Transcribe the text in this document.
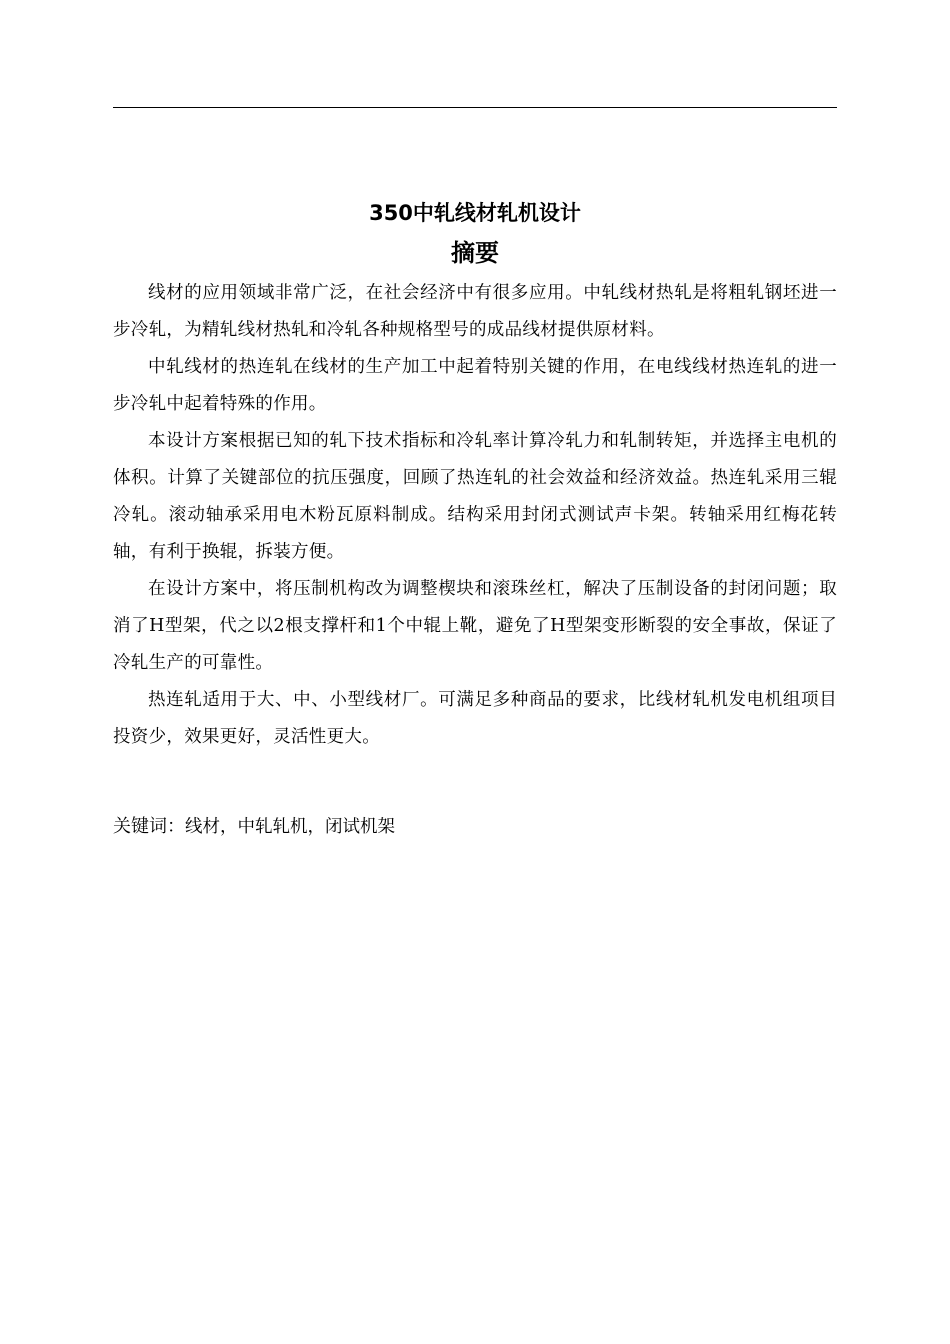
350中轧线材轧机设计
摘要

线材的应用领域非常广泛，在社会经济中有很多应用。中轧线材热轧是将粗轧钢坯进一步冷轧，为精轧线材热轧和冷轧各种规格型号的成品线材提供原材料。

中轧线材的热连轧在线材的生产加工中起着特别关键的作用，在电线线材热连轧的进一步冷轧中起着特殊的作用。

本设计方案根据已知的轧下技术指标和冷轧率计算冷轧力和轧制转矩，并选择主电机的体积。计算了关键部位的抗压强度，回顾了热连轧的社会效益和经济效益。热连轧采用三辊冷轧。滚动轴承采用电木粉瓦原料制成。结构采用封闭式测试声卡架。转轴采用红梅花转轴，有利于换辊，拆装方便。

在设计方案中，将压制机构改为调整楔块和滚珠丝杠，解决了压制设备的封闭问题；取消了H型架，代之以2根支撑杆和1个中辊上靴，避免了H型架变形断裂的安全事故，保证了冷轧生产的可靠性。

热连轧适用于大、中、小型线材厂。可满足多种商品的要求，比线材轧机发电机组项目投资少，效果更好，灵活性更大。

关键词：线材，中轧轧机，闭试机架
